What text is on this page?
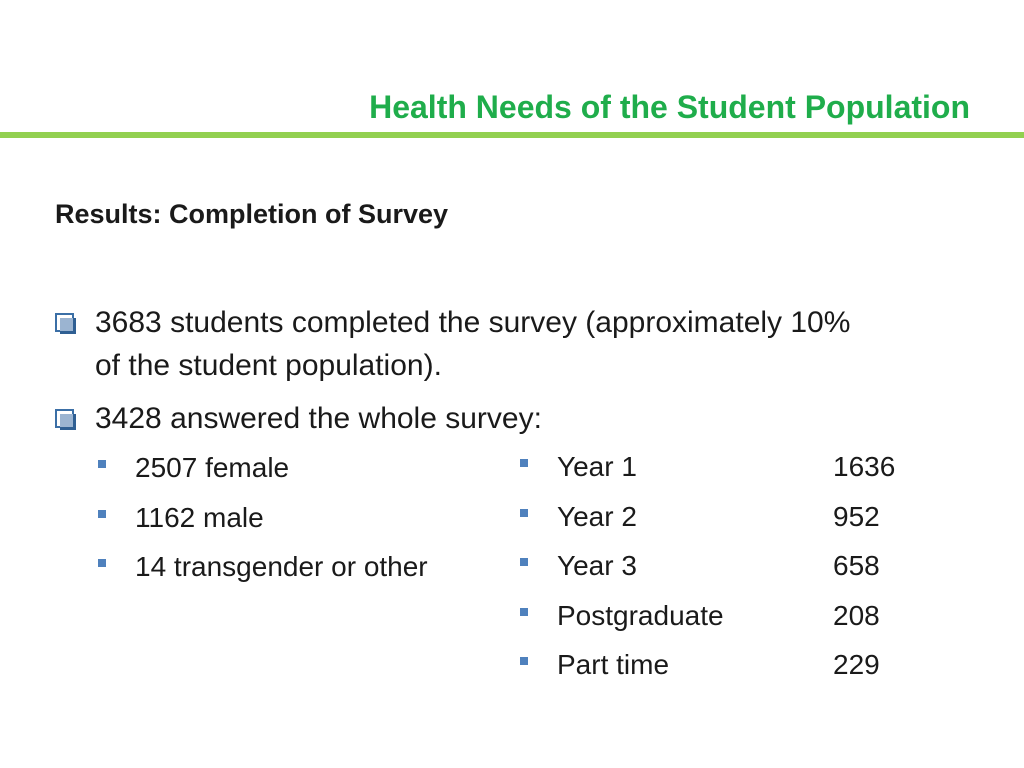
Health Needs of the Student Population
Results: Completion of Survey
3683 students completed the survey (approximately 10%
of the student population).
3428 answered the whole survey:
2507 female
1162 male
14 transgender or other
Year 1	1636
Year 2	952
Year 3	658
Postgraduate	208
Part time	229
